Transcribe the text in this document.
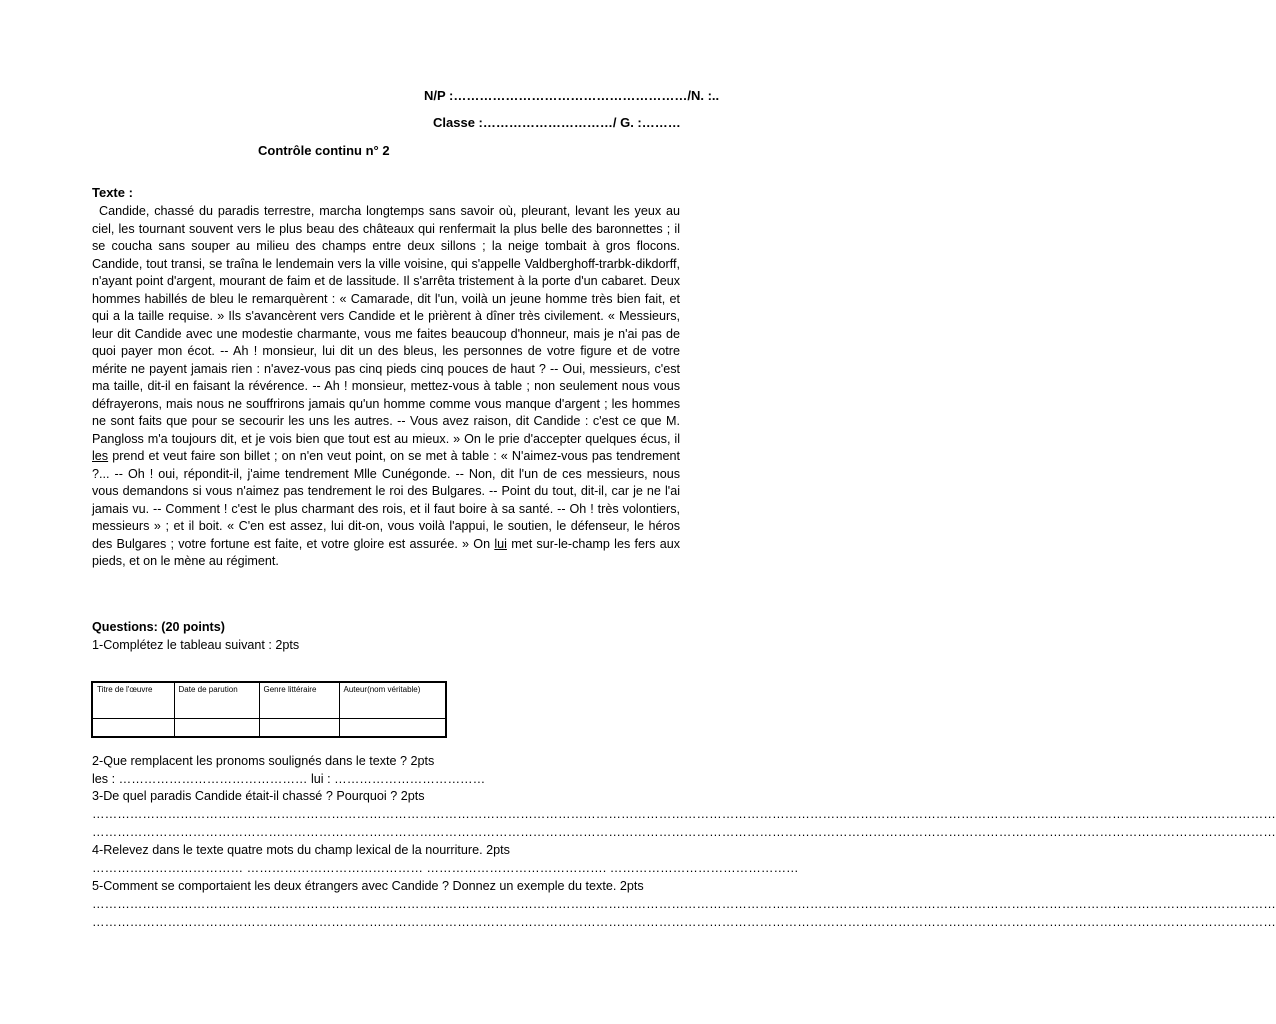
N/P :………………………………………………/N. :..
Classe :…………………………/ G. :………
Contrôle continu n° 2
Texte :

Candide, chassé du paradis terrestre, marcha longtemps sans savoir où, pleurant, levant les yeux au ciel, les tournant souvent vers le plus beau des châteaux qui renfermait la plus belle des baronnettes ; il se coucha sans souper au milieu des champs entre deux sillons ; la neige tombait à gros flocons. Candide, tout transi, se traîna le lendemain vers la ville voisine, qui s'appelle Valdberghoff-trarbk-dikdorff, n'ayant point d'argent, mourant de faim et de lassitude. Il s'arrêta tristement à la porte d'un cabaret. Deux hommes habillés de bleu le remarquèrent : « Camarade, dit l'un, voilà un jeune homme très bien fait, et qui a la taille requise. » Ils s'avancèrent vers Candide et le prièrent à dîner très civilement. « Messieurs, leur dit Candide avec une modestie charmante, vous me faites beaucoup d'honneur, mais je n'ai pas de quoi payer mon écot. -- Ah ! monsieur, lui dit un des bleus, les personnes de votre figure et de votre mérite ne payent jamais rien : n'avez-vous pas cinq pieds cinq pouces de haut ? -- Oui, messieurs, c'est ma taille, dit-il en faisant la révérence. -- Ah ! monsieur, mettez-vous à table ; non seulement nous vous défrayerons, mais nous ne souffrirons jamais qu'un homme comme vous manque d'argent ; les hommes ne sont faits que pour se secourir les uns les autres. -- Vous avez raison, dit Candide : c'est ce que M. Pangloss m'a toujours dit, et je vois bien que tout est au mieux. » On le prie d'accepter quelques écus, il les prend et veut faire son billet ; on n'en veut point, on se met à table : « N'aimez-vous pas tendrement ?... -- Oh ! oui, répondit-il, j'aime tendrement Mlle Cunégonde. -- Non, dit l'un de ces messieurs, nous vous demandons si vous n'aimez pas tendrement le roi des Bulgares. -- Point du tout, dit-il, car je ne l'ai jamais vu. -- Comment ! c'est le plus charmant des rois, et il faut boire à sa santé. -- Oh ! très volontiers, messieurs » ; et il boit. « C'en est assez, lui dit-on, vous voilà l'appui, le soutien, le défenseur, le héros des Bulgares ; votre fortune est faite, et votre gloire est assurée. » On lui met sur-le-champ les fers aux pieds, et on le mène au régiment.

Questions: (20 points)
1-Complétez le tableau suivant : 2pts
Titre de l'œuvre	Date de parution	Genre littéraire	Auteur(nom véritable)

2-Que remplacent les pronoms soulignés dans le texte ? 2pts
les : ……………………………………… lui : ………………………………
3-De quel paradis Candide était-il chassé ? Pourquoi ? 2pts
…………………………………………………………………………………………………………………………………………………………………………………………………………………………………………………………
…………………………………………………………………………………………………………………………………………………………………………………………………………………………………………………………
4-Relevez dans le texte quatre mots du champ lexical de la nourriture. 2pts
……………………………… …………………………………… ……………………………………. ………………………………………
5-Comment se comportaient les deux étrangers avec Candide ? Donnez un exemple du texte. 2pts
…………………………………………………………………………………………………………………………………………………………………………………………………………………………………………………………
…………………………………………………………………………………………………………………………………………………………………………………………………………………………………………………………
